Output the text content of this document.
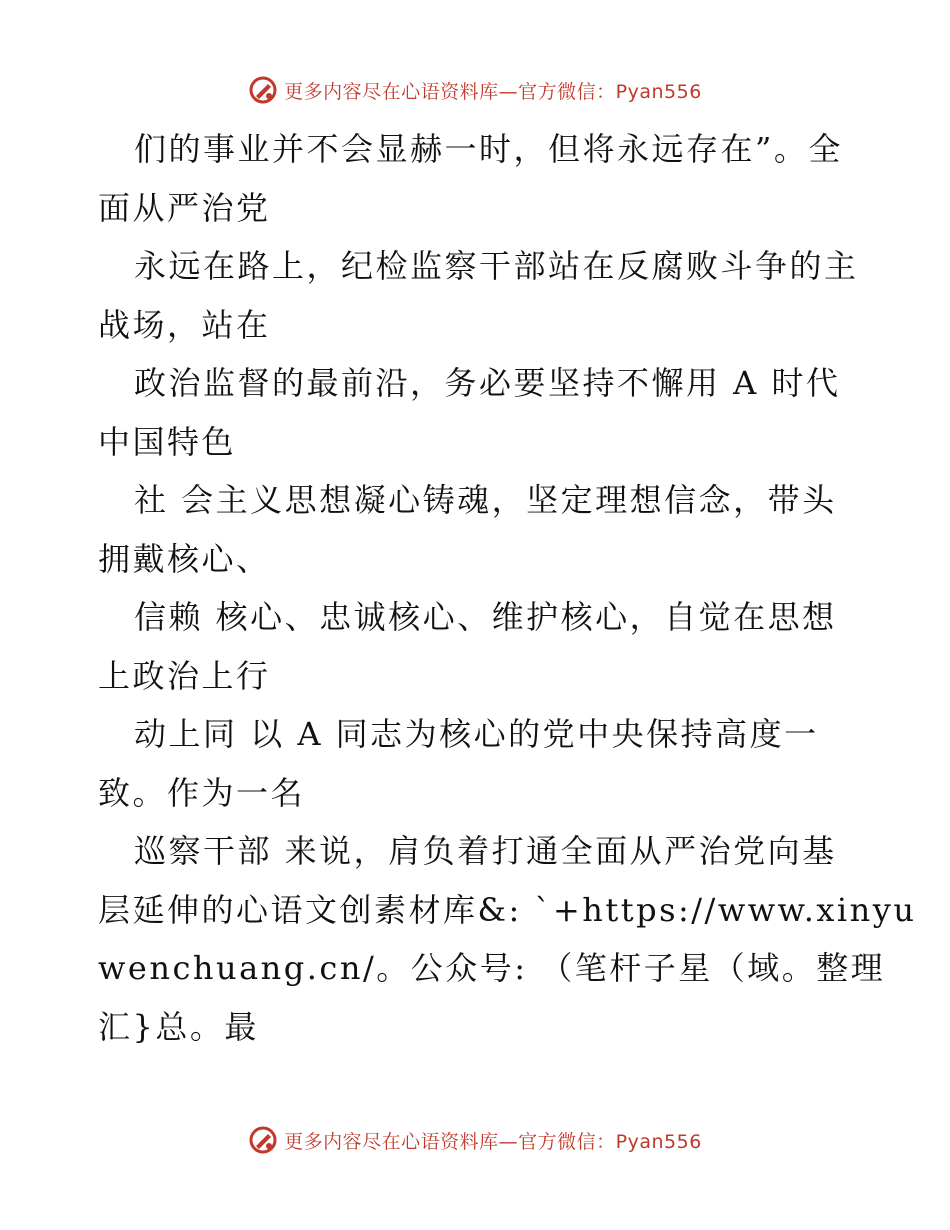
更多内容尽在心语资料库—官方微信：Pyan556
们的事业并不会显赫一时，但将永远存在”。全
面从严治党
永远在路上，纪检监察干部站在反腐败斗争的主
战场，站在
政治监督的最前沿，务必要坚持不懈用 A 时代
中国特色
社 会主义思想凝心铸魂，坚定理想信念，带头
拥戴核心、
信赖 核心、忠诚核心、维护核心，自觉在思想
上政治上行
动上同 以 A 同志为核心的党中央保持高度一
致。作为一名
巡察干部 来说，肩负着打通全面从严治党向基
层延伸的心语文创素材库&: `+https://www.xinyu
wenchuang.cn/。公众号: （笔杆子星（域。整理
汇}总。最
更多内容尽在心语资料库—官方微信：Pyan556
